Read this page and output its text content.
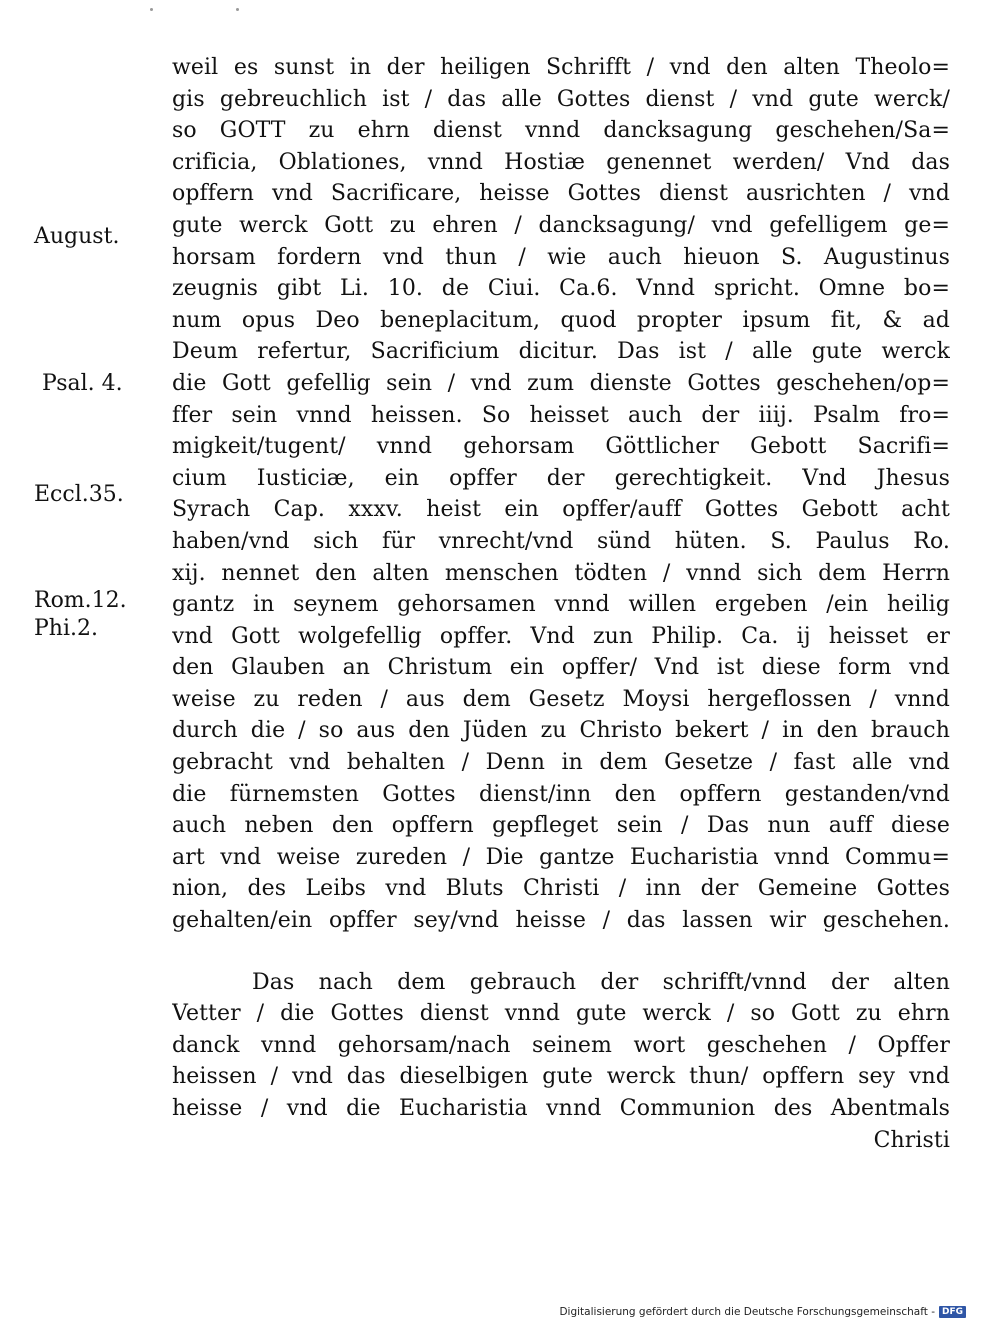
weil es sunst in der heiligen Schrifft / vnd den alten Theolo=
gis gebreuchlich ist / das alle Gottes dienst / vnd gute werck/
so GOTT zu ehrn dienst vnnd dancksagung geschehen/Sa=
crificia, Oblationes, vnnd Hostiæ genennet werden/ Vnd das
opffern vnd Sacrificare, heisse Gottes dienst ausrichten / vnd
gute werck Gott zu ehren / dancksagung/ vnd gefelligem ge=
horsam fordern vnd thun / wie auch hieuon S. Augustinus
zeugnis gibt Li. 10. de Ciui. Ca.6. Vnnd spricht. Omne bo=
num opus Deo beneplacitum, quod propter ipsum fit, & ad
Deum refertur, Sacrificium dicitur. Das ist / alle gute werck
die Gott gefellig sein / vnd zum dienste Gottes geschehen/op=
ffer sein vnnd heissen. So heisset auch der iiij. Psalm fro=
migkeit/tugent/ vnnd gehorsam Göttlicher Gebott Sacrifi=
cium Iusticiæ, ein opffer der gerechtigkeit. Vnd Jhesus
Syrach Cap. xxxv. heist ein opffer/auff Gottes Gebott acht
haben/vnd sich für vnrecht/vnd sünd hüten. S. Paulus Ro.
xij. nennet den alten menschen tödten / vnnd sich dem Herrn
gantz in seynem gehorsamen vnnd willen ergeben /ein heilig
vnd Gott wolgefellig opffer. Vnd zun Philip. Ca. ij heisset er
den Glauben an Christum ein opffer/ Vnd ist diese form vnd
weise zu reden / aus dem Gesetz Moysi hergeflossen / vnnd
durch die / so aus den Jüden zu Christo bekert / in den brauch
gebracht vnd behalten / Denn in dem Gesetze / fast alle vnd
die fürnemsten Gottes dienst/inn den opffern gestanden/vnd
auch neben den opffern gepfleget sein / Das nun auff diese
art vnd weise zureden / Die gantze Eucharistia vnnd Commu=
nion, des Leibs vnd Bluts Christi / inn der Gemeine Gottes
gehalten/ein opffer sey/vnd heisse / das lassen wir geschehen.
Das nach dem gebrauch der schrifft/vnnd der alten
Vetter / die Gottes dienst vnnd gute werck / so Gott zu ehrn
danck vnnd gehorsam/nach seinem wort geschehen / Opffer
heissen / vnd das dieselbigen gute werck thun/ opffern sey vnd
heisse / vnd die Eucharistia vnnd Communion des Abentmals
Christi
August.
Psal. 4.
Eccl.35.
Rom.12.
Phi.2.
Digitalisierung gefördert durch die Deutsche Forschungsgemeinschaft - DFG
